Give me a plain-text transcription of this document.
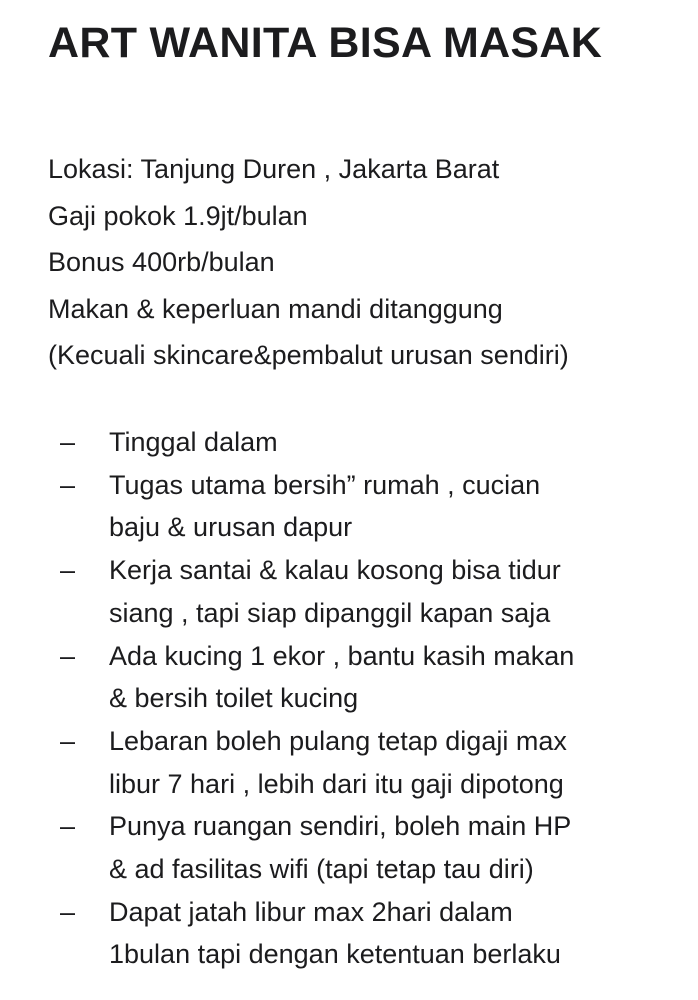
ART WANITA BISA MASAK
Lokasi: Tanjung Duren , Jakarta Barat
Gaji pokok 1.9jt/bulan
Bonus 400rb/bulan
Makan & keperluan mandi ditanggung
(Kecuali skincare&pembalut urusan sendiri)
– Tinggal dalam
– Tugas utama bersih” rumah , cucian
baju & urusan dapur
– Kerja santai & kalau kosong bisa tidur
siang , tapi siap dipanggil kapan saja
– Ada kucing 1 ekor , bantu kasih makan
& bersih toilet kucing
– Lebaran boleh pulang tetap digaji max
libur 7 hari , lebih dari itu gaji dipotong
– Punya ruangan sendiri, boleh main HP
& ad fasilitas wifi (tapi tetap tau diri)
– Dapat jatah libur max 2hari dalam
1bulan tapi dengan ketentuan berlaku
